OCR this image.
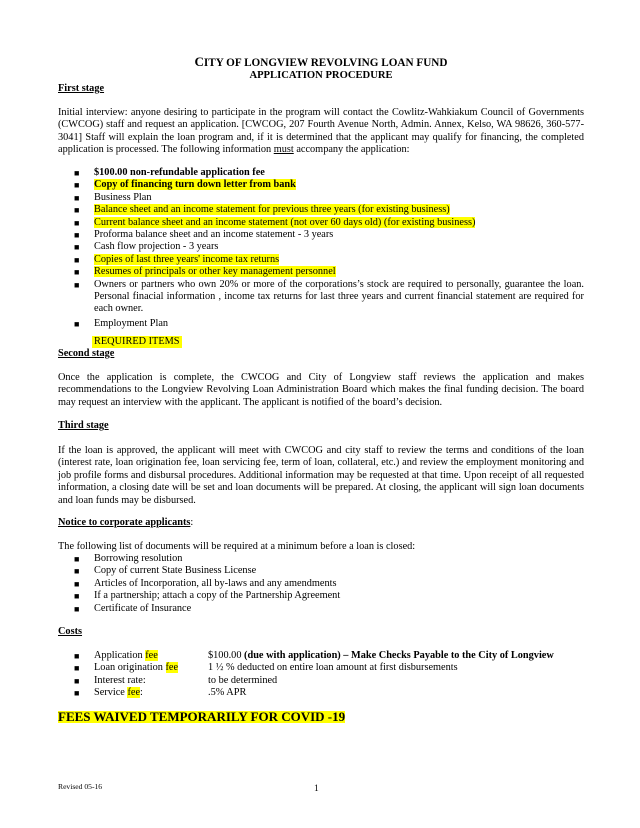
CITY OF LONGVIEW REVOLVING LOAN FUND
APPLICATION PROCEDURE
First stage
Initial interview: anyone desiring to participate in the program will contact the Cowlitz-Wahkiakum Council of Governments (CWCOG) staff and request an application. [CWCOG, 207 Fourth Avenue North, Admin. Annex, Kelso, WA 98626, 360-577-3041] Staff will explain the loan program and, if it is determined that the applicant may qualify for financing, the completed application is processed. The following information must accompany the application:
■ $100.00 non-refundable application fee
■ Copy of financing turn down letter from bank
■ Business Plan
■ Balance sheet and an income statement for previous three years (for existing business)
■ Current balance sheet and an income statement (not over 60 days old) (for existing business)
■ Proforma balance sheet and an income statement - 3 years
■ Cash flow projection - 3 years
■ Copies of last three years' income tax returns
■ Resumes of principals or other key management personnel
■ Owners or partners who own 20% or more of the corporations’s stock are required to personally, guarantee the loan. Personal finacial information , income tax returns for last three years and current financial statement are required for each owner.
■ Employment Plan
REQUIRED ITEMS
Second stage
Once the application is complete, the CWCOG and City of Longview staff reviews the application and makes recommendations to the Longview Revolving Loan Administration Board which makes the final funding decision. The board may request an interview with the applicant. The applicant is notified of the board’s decision.
Third stage
If the loan is approved, the applicant will meet with CWCOG and city staff to review the terms and conditions of the loan (interest rate, loan origination fee, loan servicing fee, term of loan, collateral, etc.) and review the employment monitoring and job profile forms and disbursal procedures. Additional information may be requested at that time. Upon receipt of all requested information, a closing date will be set and loan documents will be prepared. At closing, the applicant will sign loan documents and loan funds may be disbursed.
Notice to corporate applicants:
The following list of documents will be required at a minimum before a loan is closed:
■ Borrowing resolution
■ Copy of current State Business License
■ Articles of Incorporation, all by-laws and any amendments
■ If a partnership; attach a copy of the Partnership Agreement
■ Certificate of Insurance
Costs
■ Application fee	$100.00 (due with application) – Make Checks Payable to the City of Longview
■ Loan origination fee	1 ½ % deducted on entire loan amount at first disbursements
■ Interest rate:	to be determined
■ Service fee:	.5% APR
FEES WAIVED TEMPORARILY FOR COVID -19
Revised 05-16	1
